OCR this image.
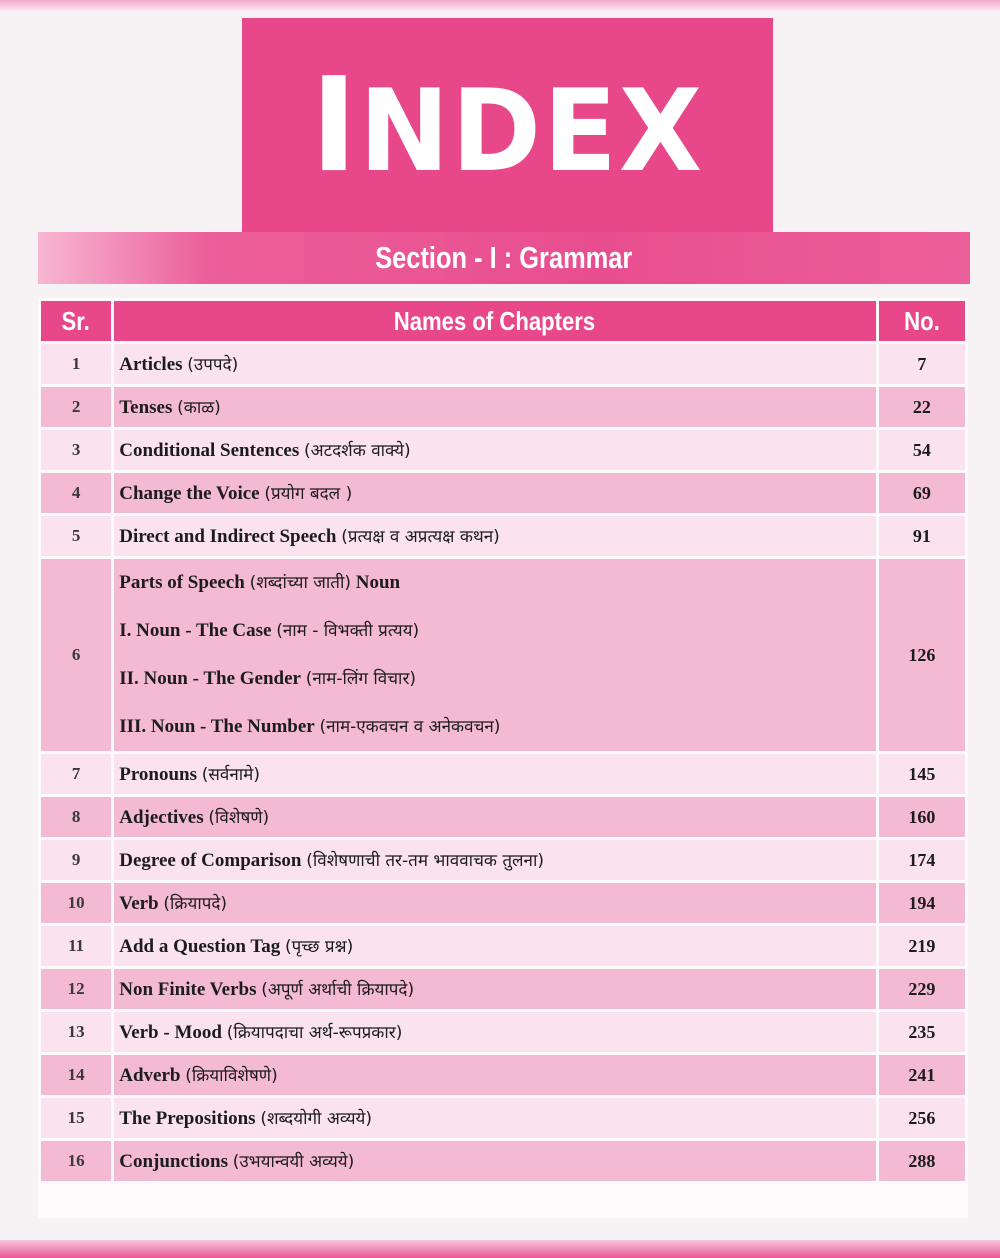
INDEX
Section - I : Grammar
Sr.	Names of Chapters	No.
1	Articles (उपपदे)	7
2	Tenses (काळ)	22
3	Conditional Sentences (अटदर्शक वाक्ये)	54
4	Change the Voice (प्रयोग बदल )	69
5	Direct and Indirect Speech (प्रत्यक्ष व अप्रत्यक्ष कथन)	91
6	Parts of Speech (शब्दांच्या जाती) Noun
I. Noun - The Case (नाम - विभक्ती प्रत्यय)
II. Noun - The Gender (नाम-लिंग विचार)
III. Noun - The Number (नाम-एकवचन व अनेकवचन)	126
7	Pronouns (सर्वनामे)	145
8	Adjectives (विशेषणे)	160
9	Degree of Comparison (विशेषणाची तर-तम भाववाचक तुलना)	174
10	Verb (क्रियापदे)	194
11	Add a Question Tag (पृच्छ प्रश्न)	219
12	Non Finite Verbs (अपूर्ण अर्थाची क्रियापदे)	229
13	Verb - Mood (क्रियापदाचा अर्थ-रूपप्रकार)	235
14	Adverb (क्रियाविशेषणे)	241
15	The Prepositions (शब्दयोगी अव्यये)	256
16	Conjunctions (उभयान्वयी अव्यये)	288
